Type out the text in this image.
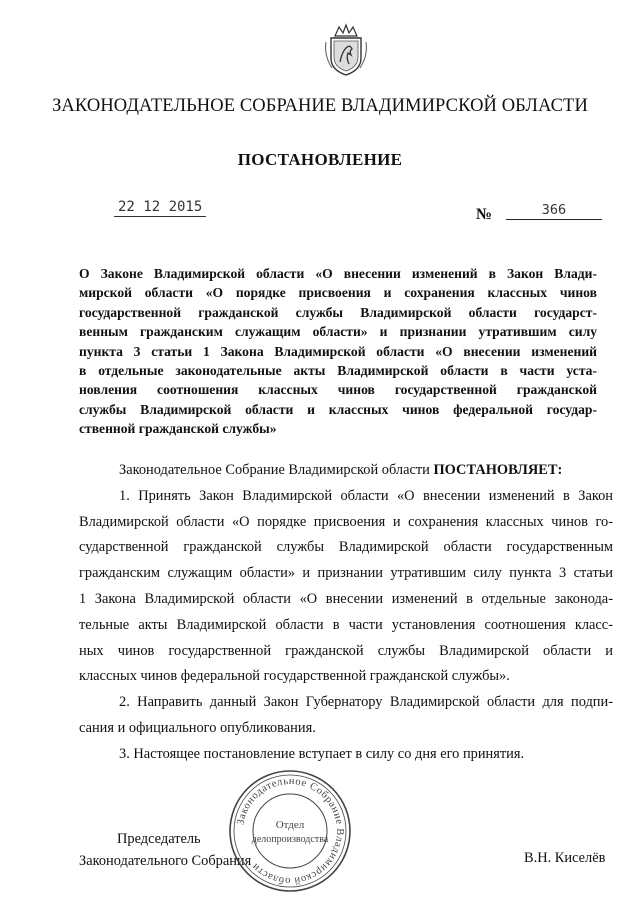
ЗАКОНОДАТЕЛЬНОЕ СОБРАНИЕ ВЛАДИМИРСКОЙ ОБЛАСТИ
ПОСТАНОВЛЕНИЕ
22 12 2015	№	366
О Законе Владимирской области «О внесении изменений в Закон Влади-
мирской области «О порядке присвоения и сохранения классных чинов
государственной гражданской службы Владимирской области государст-
венным гражданским служащим области» и признании утратившим силу
пункта 3 статьи 1 Закона Владимирской области «О внесении изменений
в отдельные законодательные акты Владимирской области в части уста-
новления соотношения классных чинов государственной гражданской
службы Владимирской области и классных чинов федеральной государ-
ственной гражданской службы»
Законодательное Собрание Владимирской области ПОСТАНОВЛЯЕТ:
1. Принять Закон Владимирской области «О внесении изменений в Закон
Владимирской области «О порядке присвоения и сохранения классных чинов го-
сударственной гражданской службы Владимирской области государственным
гражданским служащим области» и признании утратившим силу пункта 3 статьи
1 Закона Владимирской области «О внесении изменений в отдельные законода-
тельные акты Владимирской области в части установления соотношения класс-
ных чинов государственной гражданской службы Владимирской области и
классных чинов федеральной государственной гражданской службы».
2. Направить данный Закон Губернатору Владимирской области для подпи-
сания и официального опубликования.
3. Настоящее постановление вступает в силу со дня его принятия.
Председатель
Законодательного Собрания	В.Н. Киселёв
Законодательное Собрание Владимирской области
Отдел
делопроизводства
